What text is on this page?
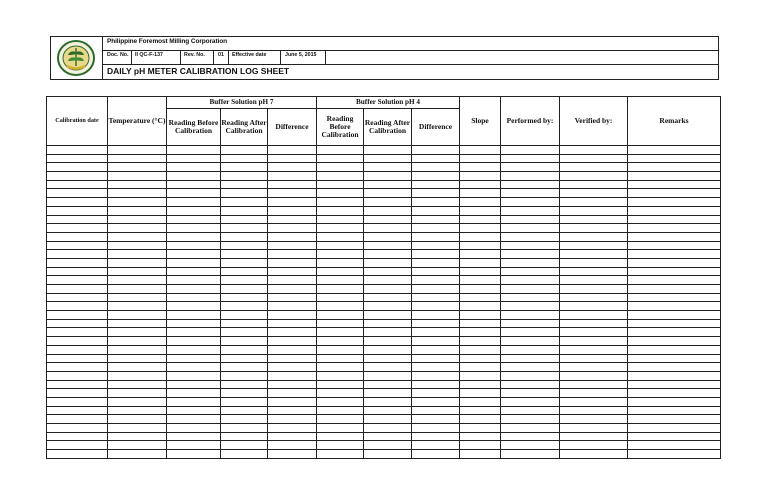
Philippine Foremost Milling Corporation
Doc. No. II QC-F-137	Rev. No. 01 Effective date	June 5, 2015
DAILY pH METER CALIBRATION LOG SHEET
Calibration date	Temperature (°C)	Buffer Solution pH 7			Buffer Solution pH 4			Slope	Performed by:	Verified by:	Remarks
		Reading Before Calibration	Reading After Calibration	Difference	Reading Before Calibration	Reading After Calibration	Difference				
